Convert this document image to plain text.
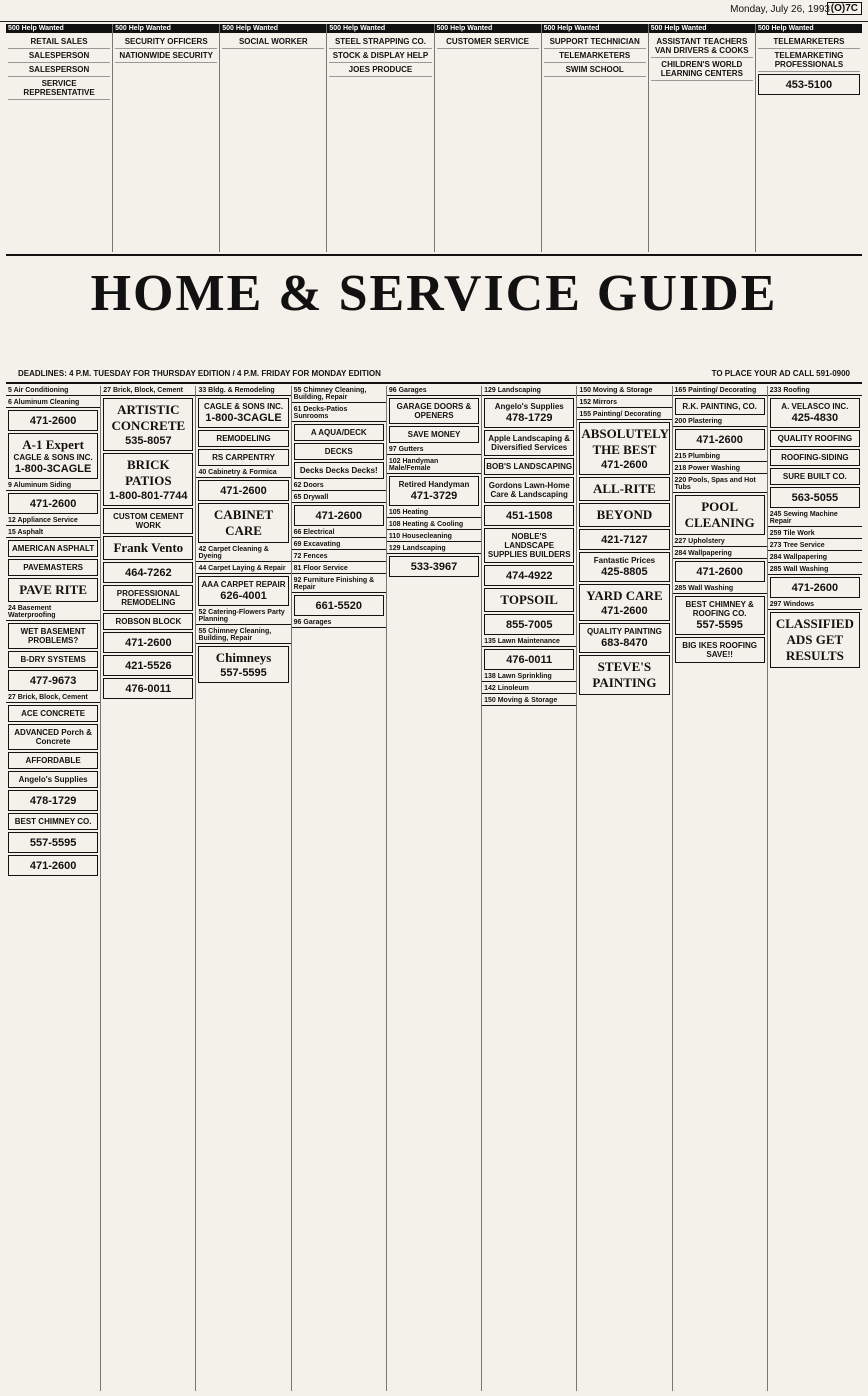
Monday, July 26, 1993 (O)7C
500 Help Wanted
RETAIL SALES
SALESPERSON
SALESPERSON
SERVICE REPRESENTATIVE
500 Help Wanted
SECURITY OFFICERS
NATIONWIDE SECURITY
500 Help Wanted
SOCIAL WORKER
500 Help Wanted
STEEL STRAPPING CO.
STOCK & DISPLAY HELP
JOES PRODUCE
500 Help Wanted
CUSTOMER SERVICE
500 Help Wanted
SUPPORT TECHNICIAN
TELEMARKETERS
SWIM SCHOOL
500 Help Wanted
ASSISTANT TEACHERS VAN DRIVERS & COOKS
CHILDREN'S WORLD LEARNING CENTERS
500 Help Wanted
TELEMARKETERS
TELEMARKETING PROFESSIONALS
453-5100
HOME & SERVICE GUIDE
DEADLINES: 4 P.M. TUESDAY FOR THURSDAY EDITION / 4 P.M. FRIDAY FOR MONDAY EDITION	TO PLACE YOUR AD CALL 591-0900
5 Air Conditioning
6 Aluminum Cleaning
471-2600
A-1 Expert
CAGLE & SONS INC.
1-800-3CAGLE
9 Aluminum Siding
471-2600
12 Appliance Service
15 Asphalt
AMERICAN ASPHALT
PAVEMASTERS
PAVE RITE
24 Basement Waterproofing
WET BASEMENT PROBLEMS?
B-DRY SYSTEMS
477-9673
27 Brick, Block, Cement
ACE CONCRETE
ADVANCED Porch & Concrete
AFFORDABLE
Angelo's Supplies
478-1729
BEST CHIMNEY CO.
557-5595
471-2600
27 Brick, Block, Cement
ARTISTIC CONCRETE
535-8057
BRICK PATIOS
1-800-801-7744
CUSTOM CEMENT WORK
Frank Vento
464-7262
PROFESSIONAL REMODELING
ROBSON BLOCK
471-2600
421-5526
476-0011
33 Bldg. & Remodeling
CAGLE & SONS INC.
1-800-3CAGLE
REMODELING
RS CARPENTRY
40 Cabinetry & Formica
471-2600
CABINET CARE
42 Carpet Cleaning & Dyeing
44 Carpet Laying & Repair
AAA CARPET REPAIR
626-4001
52 Catering-Flowers Party Planning
55 Chimney Cleaning, Building, Repair
Chimneys
557-5595
55 Chimney Cleaning, Building, Repair
61 Decks-Patios Sunrooms
A AQUA/DECK
DECKS
Decks Decks Decks!
62 Doors
65 Drywall
471-2600
66 Electrical
69 Excavating
72 Fences
81 Floor Service
92 Furniture Finishing & Repair
661-5520
96 Garages
96 Garages
GARAGE DOORS & OPENERS
SAVE MONEY
97 Gutters
102 Handyman Male/Female
Retired Handyman
471-3729
105 Heating
108 Heating & Cooling
110 Housecleaning
129 Landscaping
533-3967
129 Landscaping
Angelo's Supplies
478-1729
Apple Landscaping & Diversified Services
BOB'S LANDSCAPING
Gordons Lawn-Home Care & Landscaping
451-1508
NOBLE'S LANDSCAPE SUPPLIES BUILDERS
474-4922
TOPSOIL
855-7005
135 Lawn Maintenance
476-0011
138 Lawn Sprinkling
142 Linoleum
150 Moving & Storage
150 Moving & Storage
152 Mirrors
155 Painting/ Decorating
ABSOLUTELY THE BEST
471-2600
ALL-RITE
BEYOND
421-7127
Fantastic Prices
425-8805
YARD CARE
471-2600
QUALITY PAINTING
683-8470
STEVE'S PAINTING
165 Painting/ Decorating
R.K. PAINTING, CO.
200 Plastering
471-2600
215 Plumbing
218 Power Washing
220 Pools, Spas and Hot Tubs
POOL CLEANING
227 Upholstery
284 Wallpapering
471-2600
285 Wall Washing
BEST CHIMNEY & ROOFING CO.
557-5595
BIG IKES ROOFING SAVE!!
233 Roofing
A. VELASCO INC.
425-4830
QUALITY ROOFING
ROOFING-SIDING
SURE BUILT CO.
563-5055
245 Sewing Machine Repair
259 Tile Work
273 Tree Service
284 Wallpapering
285 Wall Washing
471-2600
297 Windows
CLASSIFIED ADS GET RESULTS
